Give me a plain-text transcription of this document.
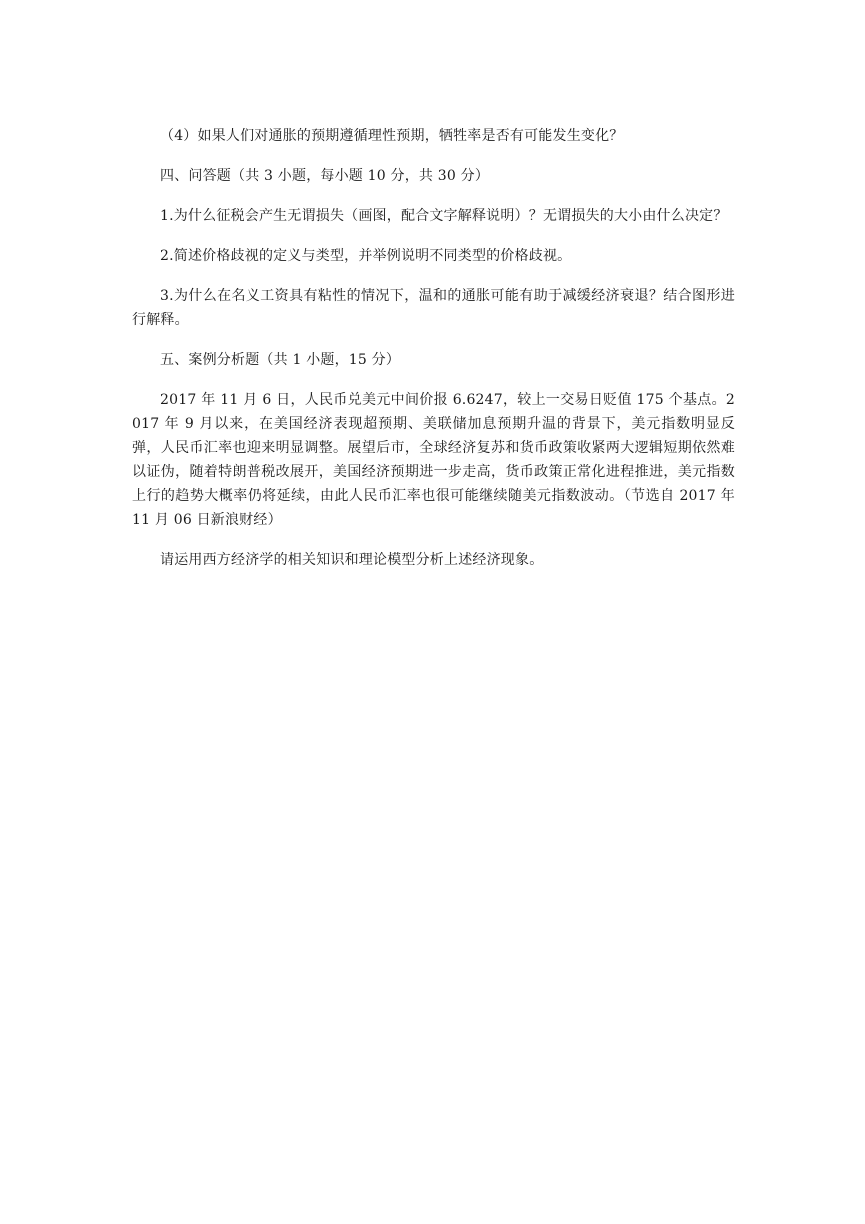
（4）如果人们对通胀的预期遵循理性预期，牺牲率是否有可能发生变化？

四、问答题（共 3 小题，每小题 10 分，共 30 分）

1.为什么征税会产生无谓损失（画图，配合文字解释说明）？无谓损失的大小由什么决定？

2.简述价格歧视的定义与类型，并举例说明不同类型的价格歧视。

3.为什么在名义工资具有粘性的情况下，温和的通胀可能有助于减缓经济衰退？结合图形进行解释。

五、案例分析题（共 1 小题，15 分）

2017 年 11 月 6 日，人民币兑美元中间价报 6.6247，较上一交易日贬值 175 个基点。2017 年 9 月以来，在美国经济表现超预期、美联储加息预期升温的背景下，美元指数明显反弹，人民币汇率也迎来明显调整。展望后市，全球经济复苏和货币政策收紧两大逻辑短期依然难以证伪，随着特朗普税改展开，美国经济预期进一步走高，货币政策正常化进程推进，美元指数上行的趋势大概率仍将延续，由此人民币汇率也很可能继续随美元指数波动。（节选自 2017 年 11 月 06 日新浪财经）

请运用西方经济学的相关知识和理论模型分析上述经济现象。
